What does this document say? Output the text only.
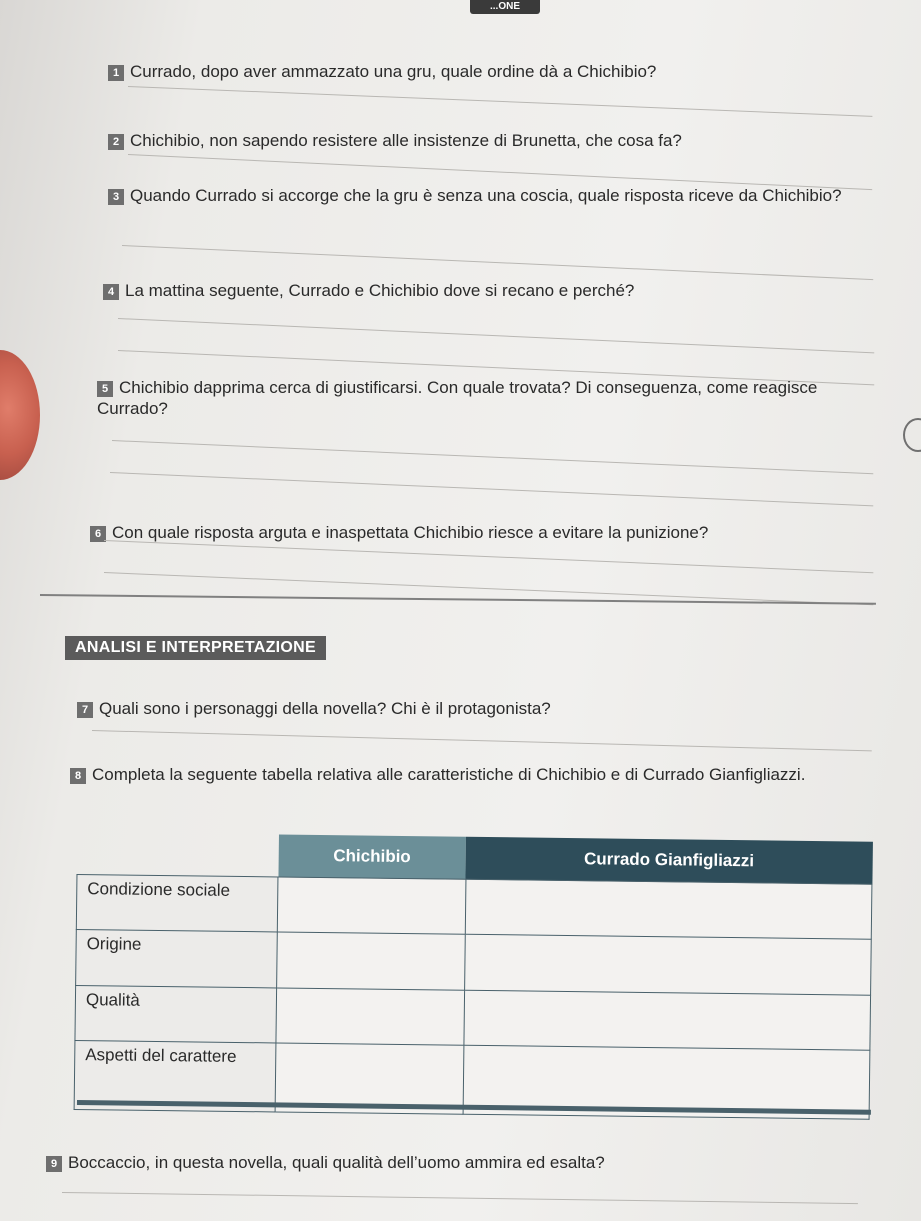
...ONE
1 Currado, dopo aver ammazzato una gru, quale ordine dà a Chichibio?
2 Chichibio, non sapendo resistere alle insistenze di Brunetta, che cosa fa?
3 Quando Currado si accorge che la gru è senza una coscia, quale risposta riceve da Chichibio?
4 La mattina seguente, Currado e Chichibio dove si recano e perché?
5 Chichibio dapprima cerca di giustificarsi. Con quale trovata? Di conseguenza, come reagisce Currado?
6 Con quale risposta arguta e inaspettata Chichibio riesce a evitare la punizione?
ANALISI E INTERPRETAZIONE
7 Quali sono i personaggi della novella? Chi è il protagonista?
8 Completa la seguente tabella relativa alle caratteristiche di Chichibio e di Currado Gianfigliazzi.
	Chichibio	Currado Gianfigliazzi
Condizione sociale		
Origine		
Qualità		
Aspetti del carattere		
9 Boccaccio, in questa novella, quali qualità dell’uomo ammira ed esalta?
